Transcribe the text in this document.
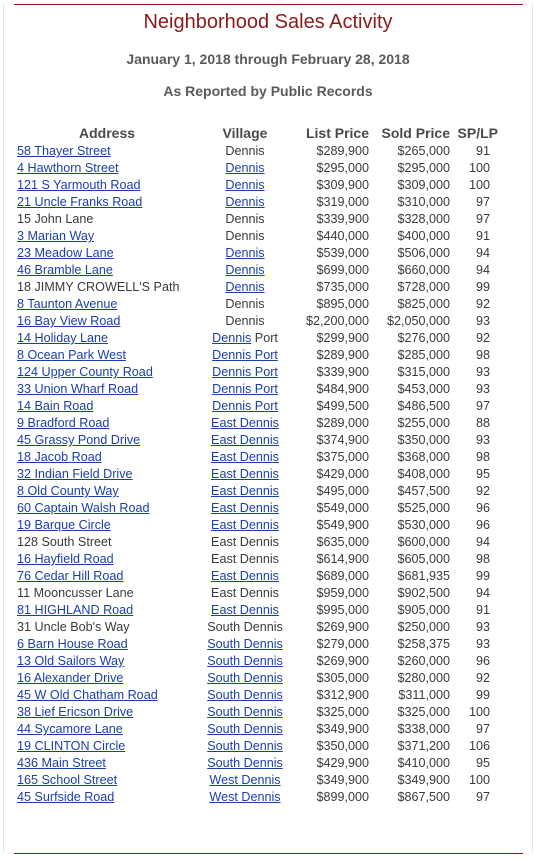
Neighborhood Sales Activity
January 1, 2018 through February 28, 2018
As Reported by Public Records
Address	Village	List Price	Sold Price	SP/LP
58 Thayer Street	Dennis	$289,900	$265,000	91
4 Hawthorn Street	Dennis	$295,000	$295,000	100
121 S Yarmouth Road	Dennis	$309,900	$309,000	100
21 Uncle Franks Road	Dennis	$319,000	$310,000	97
15 John Lane	Dennis	$339,900	$328,000	97
3 Marian Way	Dennis	$440,000	$400,000	91
23 Meadow Lane	Dennis	$539,000	$506,000	94
46 Bramble Lane	Dennis	$699,000	$660,000	94
18 JIMMY CROWELL'S Path	Dennis	$735,000	$728,000	99
8 Taunton Avenue	Dennis	$895,000	$825,000	92
16 Bay View Road	Dennis	$2,200,000	$2,050,000	93
14 Holiday Lane	Dennis Port	$299,900	$276,000	92
8 Ocean Park West	Dennis Port	$289,900	$285,000	98
124 Upper County Road	Dennis Port	$339,900	$315,000	93
33 Union Wharf Road	Dennis Port	$484,900	$453,000	93
14 Bain Road	Dennis Port	$499,500	$486,500	97
9 Bradford Road	East Dennis	$289,000	$255,000	88
45 Grassy Pond Drive	East Dennis	$374,900	$350,000	93
18 Jacob Road	East Dennis	$375,000	$368,000	98
32 Indian Field Drive	East Dennis	$429,000	$408,000	95
8 Old County Way	East Dennis	$495,000	$457,500	92
60 Captain Walsh Road	East Dennis	$549,000	$525,000	96
19 Barque Circle	East Dennis	$549,900	$530,000	96
128 South Street	East Dennis	$635,000	$600,000	94
16 Hayfield Road	East Dennis	$614,900	$605,000	98
76 Cedar Hill Road	East Dennis	$689,000	$681,935	99
11 Mooncusser Lane	East Dennis	$959,000	$902,500	94
81 HIGHLAND Road	East Dennis	$995,000	$905,000	91
31 Uncle Bob's Way	South Dennis	$269,900	$250,000	93
6 Barn House Road	South Dennis	$279,000	$258,375	93
13 Old Sailors Way	South Dennis	$269,900	$260,000	96
16 Alexander Drive	South Dennis	$305,000	$280,000	92
45 W Old Chatham Road	South Dennis	$312,900	$311,000	99
38 Lief Ericson Drive	South Dennis	$325,000	$325,000	100
44 Sycamore Lane	South Dennis	$349,900	$338,000	97
19 CLINTON Circle	South Dennis	$350,000	$371,200	106
436 Main Street	South Dennis	$429,900	$410,000	95
165 School Street	West Dennis	$349,900	$349,900	100
45 Surfside Road	West Dennis	$899,000	$867,500	97
